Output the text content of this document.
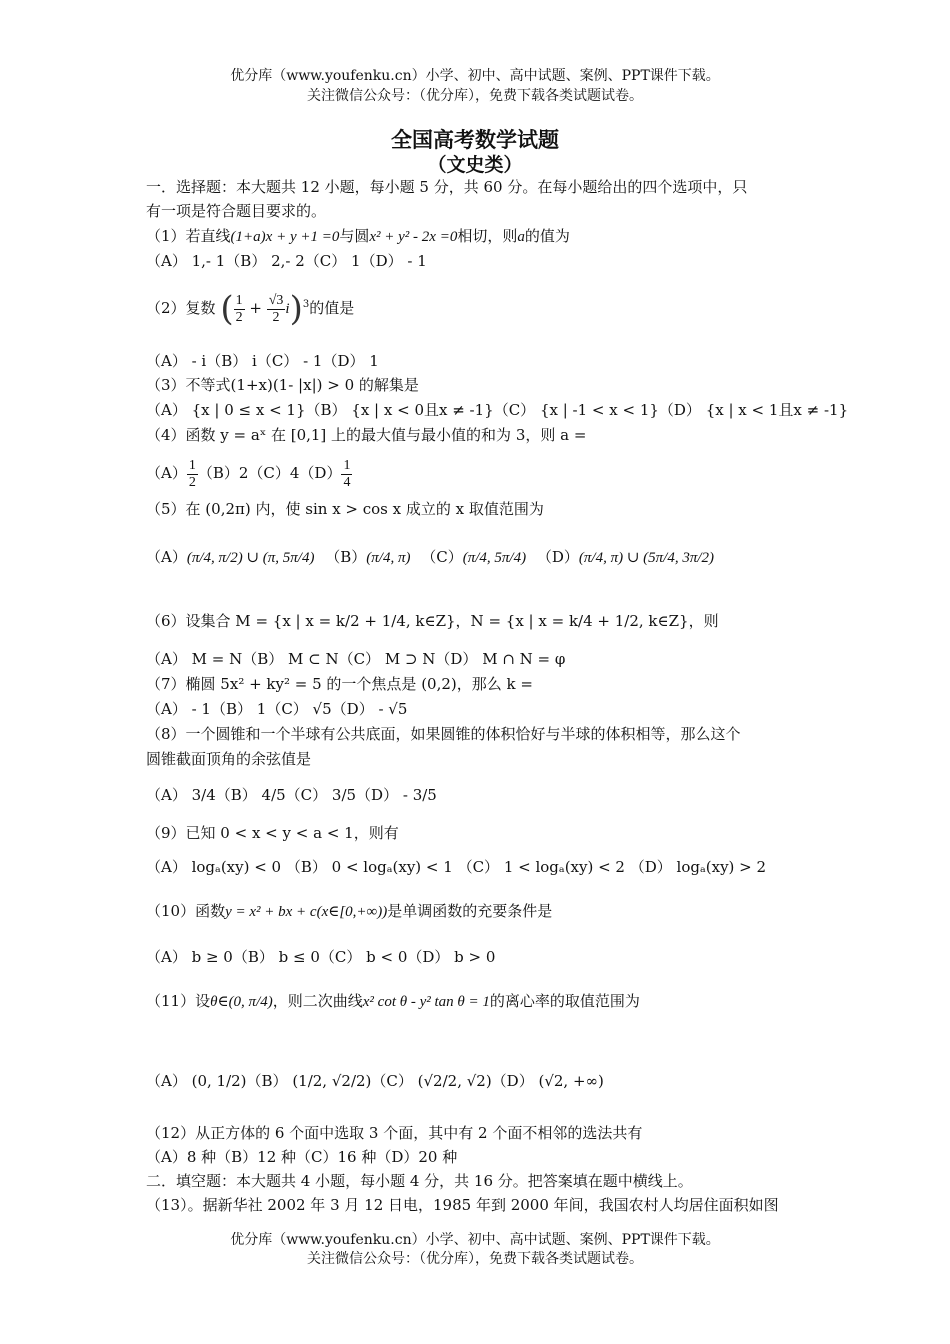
优分库（www.youfenku.cn）小学、初中、高中试题、案例、PPT课件下载。
关注微信公众号：（优分库），免费下载各类试题试卷。
全国高考数学试题
（文史类）
一．选择题：本大题共 12 小题，每小题 5 分，共 60 分。在每小题给出的四个选项中，只
有一项是符合题目要求的。
（1）若直线(1+a)x + y +1 =0与圆x² + y² - 2x =0相切，则a的值为
（A） 1,- 1（B） 2,- 2（C） 1（D） - 1
（2）复数 ( $\frac{1}{2} + \frac{√3}{2} i)^3$的值是
（A） - i（B） i（C） - 1（D） 1
（3）不等式(1+x)(1- |x|) > 0 的解集是
（A） {x | 0 ≤ x < 1}（B） {x | x < 0且x ≠ -1}（C） {x | -1 < x < 1}（D） {x | x < 1且x ≠ -1}
（4）函数 y = aˣ 在 [0,1] 上的最大值与最小值的和为 3，则 a =
$(A) \frac{1}{2} (B)2(C)4(D) \frac{1}{4}$
（5）在 (0,2π) 内，使 sin x > cos x 成立的 x 取值范围为
（A）(π/4, π/2) ∪ (π, 5π/4) （B）(π/4, π) （C）(π/4, 5π/4) （D）(π/4, π) ∪ (5π/4, 3π/2)
（6）设集合 M = {x | x = k/2 + 1/4, k∈Z}，N = {x | x = k/4 + 1/2, k∈Z}，则
（A） M = N（B） M ⊂ N（C） M ⊃ N（D） M ∩ N = φ
（7）椭圆 5x² + ky² = 5 的一个焦点是 (0,2)，那么 k =
（A） - 1（B） 1（C） √5（D） - √5
（8）一个圆锥和一个半球有公共底面，如果圆锥的体积恰好与半球的体积相等，那么这个
圆锥截面顶角的余弦值是
（A） 3/4（B） 4/5（C） 3/5（D） - 3/5
（9）已知 0 < x < y < a < 1，则有
（A） logₐ(xy) < 0 （B） 0 < logₐ(xy) < 1 （C） 1 < logₐ(xy) < 2 （D） logₐ(xy) > 2
（10）函数y = x² + bx + c(x∈[0,+∞))是单调函数的充要条件是
（A） b ≥ 0（B） b ≤ 0（C） b < 0（D） b > 0
（11）设θ∈(0, π/4)，则二次曲线x² cot θ - y² tan θ = 1的离心率的取值范围为
（A） (0, 1/2)（B） (1/2, √2/2)（C） (√2/2, √2)（D） (√2, +∞)
（12）从正方体的 6 个面中选取 3 个面，其中有 2 个面不相邻的选法共有
（A）8 种（B）12 种（C）16 种（D）20 种
二．填空题：本大题共 4 小题，每小题 4 分，共 16 分。把答案填在题中横线上。
（13）。据新华社 2002 年 3 月 12 日电，1985 年到 2000 年间，我国农村人均居住面积如图
优分库（www.youfenku.cn）小学、初中、高中试题、案例、PPT课件下载。
关注微信公众号：（优分库），免费下载各类试题试卷。
